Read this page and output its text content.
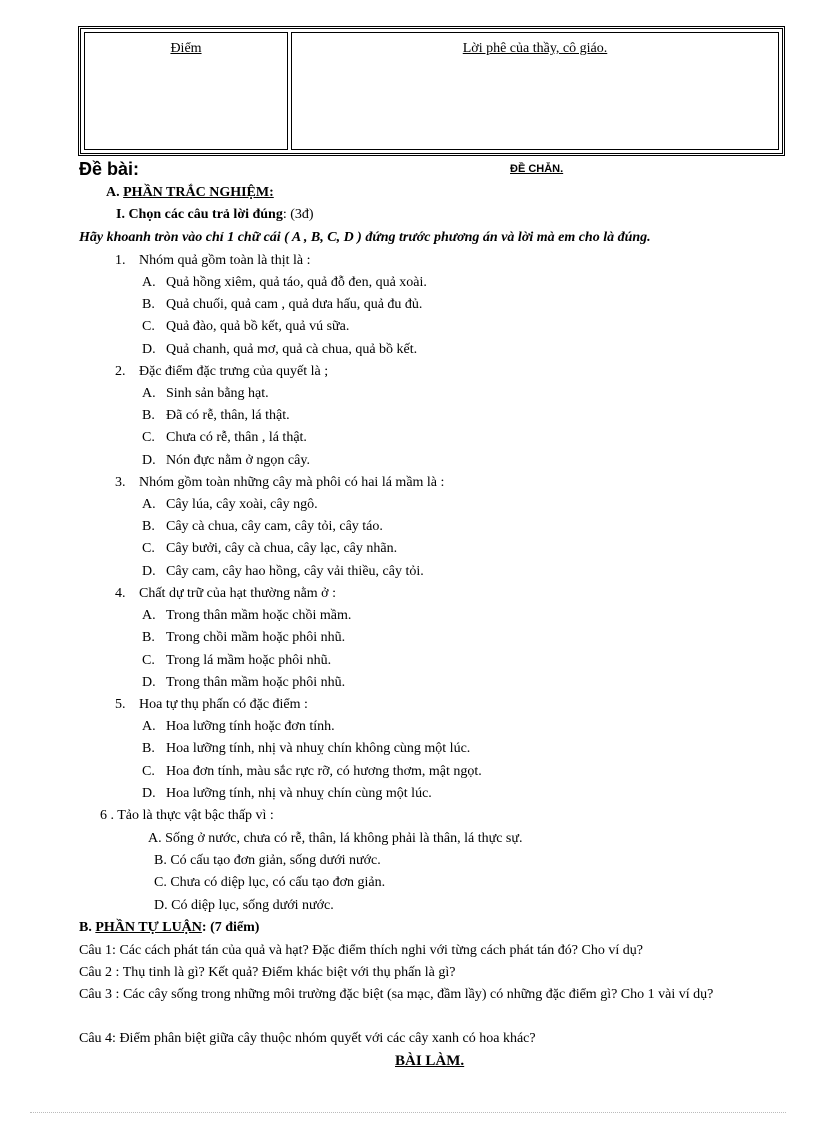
Điểm	Lời phê của thầy, cô giáo.
Đề bài:	ĐỀ CHẴN.
A. PHẦN TRẮC NGHIỆM:
I. Chọn các câu trả lời đúng: (3đ)
Hãy khoanh tròn vào chỉ 1 chữ cái ( A , B, C, D ) đứng trước phương án và lời mà em cho là đúng.
1. Nhóm quả gồm toàn là thịt là :
A. Quả hồng xiêm, quả táo, quả đỗ đen, quả xoài.
B. Quả chuối, quả cam , quả dưa hấu, quả đu đủ.
C. Quả đào, quả bồ kết, quả vú sữa.
D. Quả chanh, quả mơ, quả cà chua, quả bồ kết.
2. Đặc điểm đặc trưng của quyết là ;
A. Sinh sản bằng hạt.
B. Đã có rễ, thân, lá thật.
C. Chưa có rễ, thân , lá thật.
D. Nón đực nằm ở ngọn cây.
3. Nhóm gồm toàn những cây mà phôi có hai lá mầm là :
A. Cây lúa, cây xoài, cây ngô.
B. Cây cà chua, cây cam, cây tỏi, cây táo.
C. Cây bưởi, cây cà chua, cây lạc, cây nhãn.
D. Cây cam, cây hao hồng, cây vải thiều, cây tỏi.
4. Chất dự trữ của hạt thường nằm ở :
A. Trong thân mầm hoặc chồi mầm.
B. Trong chồi mầm hoặc phôi nhũ.
C. Trong lá mầm hoặc phôi nhũ.
D. Trong thân mầm hoặc phôi nhũ.
5. Hoa tự thụ phấn có đặc điểm :
A. Hoa lưỡng tính hoặc đơn tính.
B. Hoa lưỡng tính, nhị và nhuỵ chín không cùng một lúc.
C. Hoa đơn tính, màu sắc rực rỡ, có hương thơm, mật ngọt.
D. Hoa lưỡng tính, nhị và nhuỵ chín cùng một lúc.
6 . Tảo là thực vật bậc thấp vì :
A. Sống ở nước, chưa có rễ, thân, lá không phải là thân, lá thực sự.
B. Có cấu tạo đơn giản, sống dưới nước.
C. Chưa có diệp lục, có cấu tạo đơn giản.
D. Có diệp lục, sống dưới nước.
B. PHẦN TỰ LUẬN: (7 điểm)
Câu 1: Các cách phát tán của quả và hạt? Đặc điểm thích nghi với từng cách phát tán đó? Cho ví dụ?
Câu 2 : Thụ tinh là gì? Kết quả? Điểm khác biệt với thụ phấn là gì?
Câu 3 : Các cây sống trong những môi trường đặc biệt (sa mạc, đầm lầy) có những đặc điểm gì? Cho 1 vài ví dụ?
Câu 4: Điểm phân biệt giữa cây thuộc nhóm quyết với các cây xanh có hoa khác?
BÀI LÀM.
